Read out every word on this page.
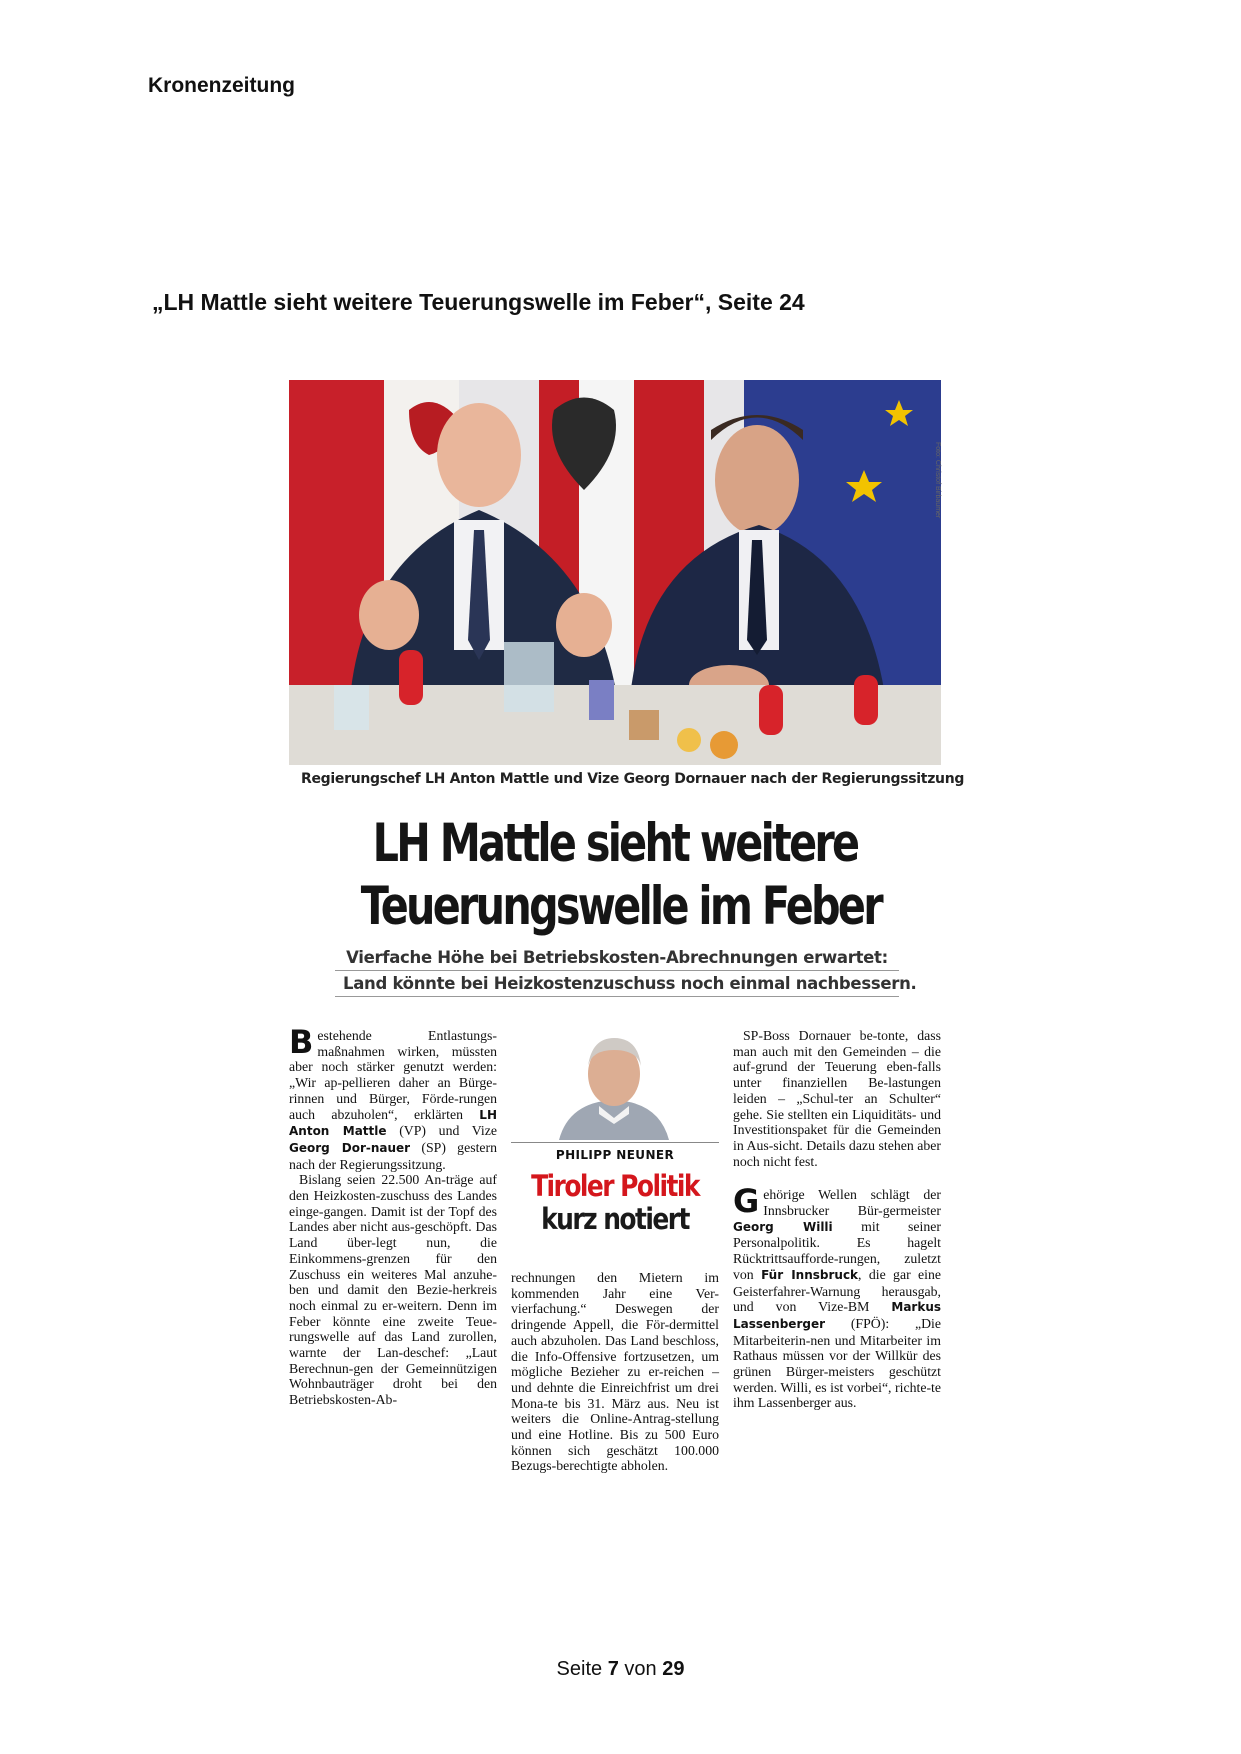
Kronenzeitung
„LH Mattle sieht weitere Teuerungswelle im Feber“, Seite 24
Foto: Christof Birbaumer
Regierungschef LH Anton Mattle und Vize Georg Dornauer nach der Regierungssitzung
LH Mattle sieht weitere
Teuerungswelle im Feber
Vierfache Höhe bei Betriebskosten-Abrechnungen erwartet:
Land könnte bei Heizkostenzuschuss noch einmal nachbessern.

Bestehende Entlastungs-maßnahmen wirken, müssten aber noch stärker genutzt werden: „Wir ap-pellieren daher an Bürge-rinnen und Bürger, Förde-rungen auch abzuholen“, erklärten LH Anton Mattle (VP) und Vize Georg Dor-nauer (SP) gestern nach der Regierungssitzung.

Bislang seien 22.500 An-träge auf den Heizkosten-zuschuss des Landes einge-gangen. Damit ist der Topf des Landes aber nicht aus-geschöpft. Das Land über-legt nun, die Einkommens-grenzen für den Zuschuss ein weiteres Mal anzuhe-ben und damit den Bezie-herkreis noch einmal zu er-weitern. Denn im Feber könnte eine zweite Teue-rungswelle auf das Land zurollen, warnte der Lan-deschef: „Laut Berechnun-gen der Gemeinnützigen Wohnbauträger droht bei den Betriebskosten-Ab-

PHILIPP NEUNER
Tiroler Politik
kurz notiert

rechnungen den Mietern im kommenden Jahr eine Ver-vierfachung.“ Deswegen der dringende Appell, die För-dermittel auch abzuholen. Das Land beschloss, die Info-Offensive fortzusetzen, um mögliche Bezieher zu er-reichen – und dehnte die Einreichfrist um drei Mona-te bis 31. März aus. Neu ist weiters die Online-Antrag-stellung und eine Hotline. Bis zu 500 Euro können sich geschätzt 100.000 Bezugs-berechtigte abholen.

SP-Boss Dornauer be-tonte, dass man auch mit den Gemeinden – die auf-grund der Teuerung eben-falls unter finanziellen Be-lastungen leiden – „Schul-ter an Schulter“ gehe. Sie stellten ein Liquiditäts- und Investitionspaket für die Gemeinden in Aus-sicht. Details dazu stehen aber noch nicht fest.

Gehörige Wellen schlägt der Innsbrucker Bür-germeister Georg Willi mit seiner Personalpolitik. Es hagelt Rücktrittsaufforde-rungen, zuletzt von Für Innsbruck, die gar eine Geisterfahrer-Warnung herausgab, und von Vize-BM Markus Lassenberger (FPÖ): „Die Mitarbeiterin-nen und Mitarbeiter im Rathaus müssen vor der Willkür des grünen Bürger-meisters geschützt werden. Willi, es ist vorbei“, richte-te ihm Lassenberger aus.

Seite 7 von 29
